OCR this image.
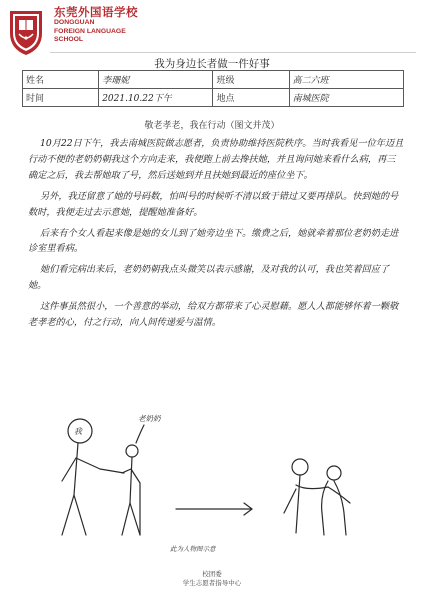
东莞外国语学校
DONGGUAN
FOREIGN LANGUAGE
SCHOOL
我为身边长者做一件好事
姓名	李珊妮	班级	高二六班
时间	2021.10.22下午	地点	南城医院
敬老孝老，我在行动（图文并茂）

10月22日下午，我去南城医院做志愿者，负责协助维持医院秩序。当时我看见一位年迈且行动不便的老奶奶朝我这个方向走来，我便跑上前去搀扶她，并且询问她来看什么病，再三确定之后，我去帮她取了号，然后送她到并且扶她到最近的座位坐下。

另外，我还留意了她的号码数，怕叫号的时候听不清以致于错过又要再排队。快到她的号数时，我便走过去示意她，提醒她准备好。

后来有个女人看起来像是她的女儿到了她旁边坐下。缴费之后，她就牵着那位老奶奶走进诊室里看病。

她们看完病出来后，老奶奶朝我点头微笑以表示感谢，及对我的认可，我也笑着回应了她。

这件事虽然很小，一个善意的举动，给双方都带来了心灵慰藉。愿人人都能够怀着一颗敬老孝老的心，付之行动，向人间传递爱与温情。

我
老奶奶
此为人物图示意
校团委
学生志愿者指导中心
